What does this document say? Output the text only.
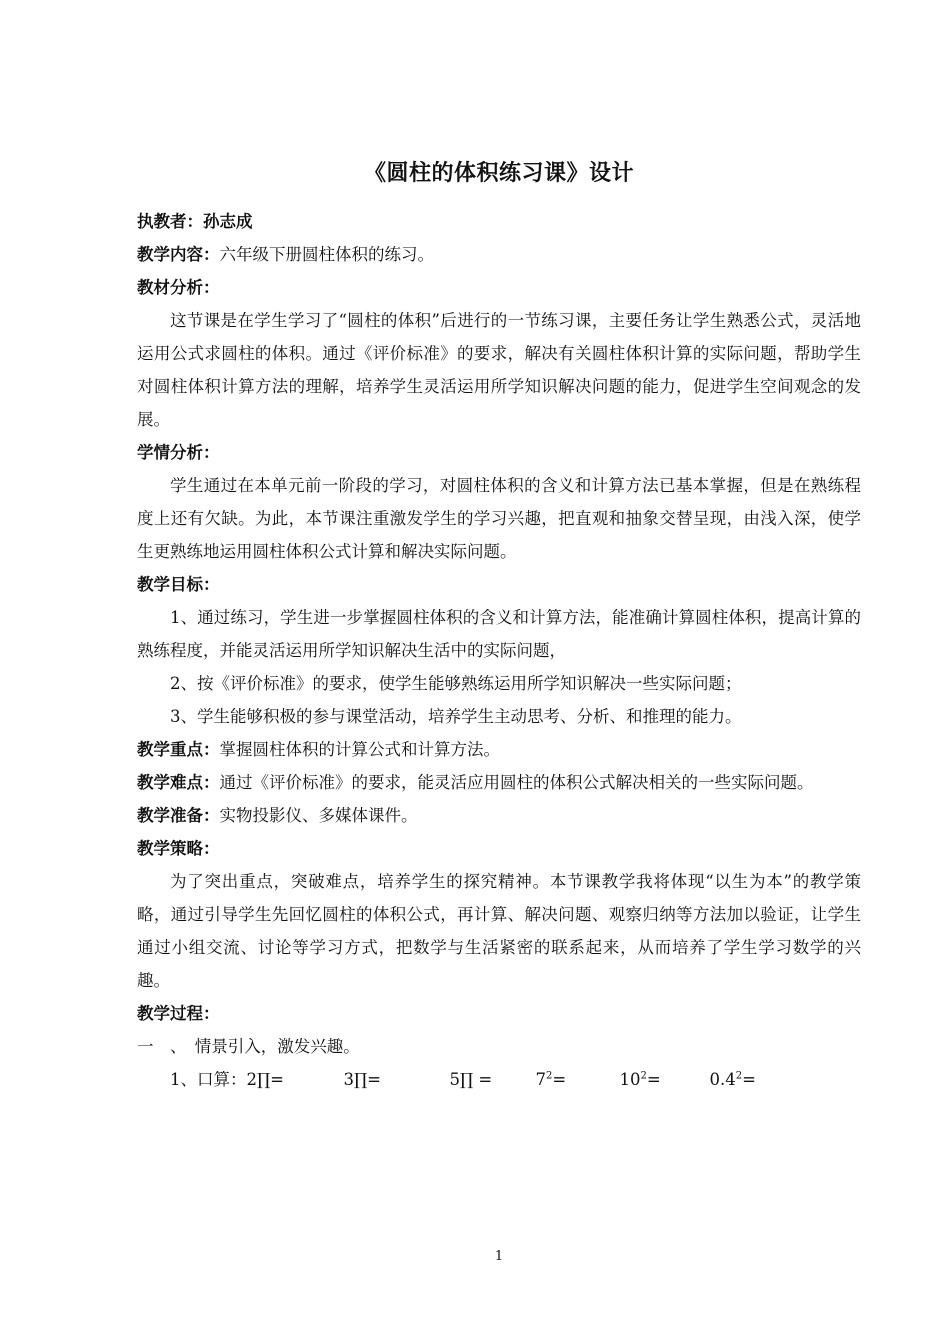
《圆柱的体积练习课》设计

执教者：孙志成

教学内容：六年级下册圆柱体积的练习。

教材分析：

这节课是在学生学习了“圆柱的体积”后进行的一节练习课，主要任务让学生熟悉公式，灵活地运用公式求圆柱的体积。通过《评价标准》的要求，解决有关圆柱体积计算的实际问题，帮助学生对圆柱体积计算方法的理解，培养学生灵活运用所学知识解决问题的能力，促进学生空间观念的发展。

学情分析：

学生通过在本单元前一阶段的学习，对圆柱体积的含义和计算方法已基本掌握，但是在熟练程度上还有欠缺。为此，本节课注重激发学生的学习兴趣，把直观和抽象交替呈现，由浅入深，使学生更熟练地运用圆柱体积公式计算和解决实际问题。

教学目标：

1、通过练习，学生进一步掌握圆柱体积的含义和计算方法，能准确计算圆柱体积，提高计算的熟练程度，并能灵活运用所学知识解决生活中的实际问题，

2、按《评价标准》的要求，使学生能够熟练运用所学知识解决一些实际问题；

3、学生能够积极的参与课堂活动，培养学生主动思考、分析、和推理的能力。

教学重点：掌握圆柱体积的计算公式和计算方法。

教学难点：通过《评价标准》的要求，能灵活应用圆柱的体积公式解决相关的一些实际问题。

教学准备：实物投影仪、多媒体课件。

教学策略：

为了突出重点，突破难点，培养学生的探究精神。本节课教学我将体现“以生为本”的教学策略，通过引导学生先回忆圆柱的体积公式，再计算、解决问题、观察归纳等方法加以验证，让学生通过小组交流、讨论等学习方式，把数学与生活紧密的联系起来，从而培养了学生学习数学的兴趣。

教学过程：

一　、　情景引入，激发兴趣。

1、口算：2∏=	3∏=	5∏ =	$7^2=$	$10^2=$	$0.4^2=$

1
